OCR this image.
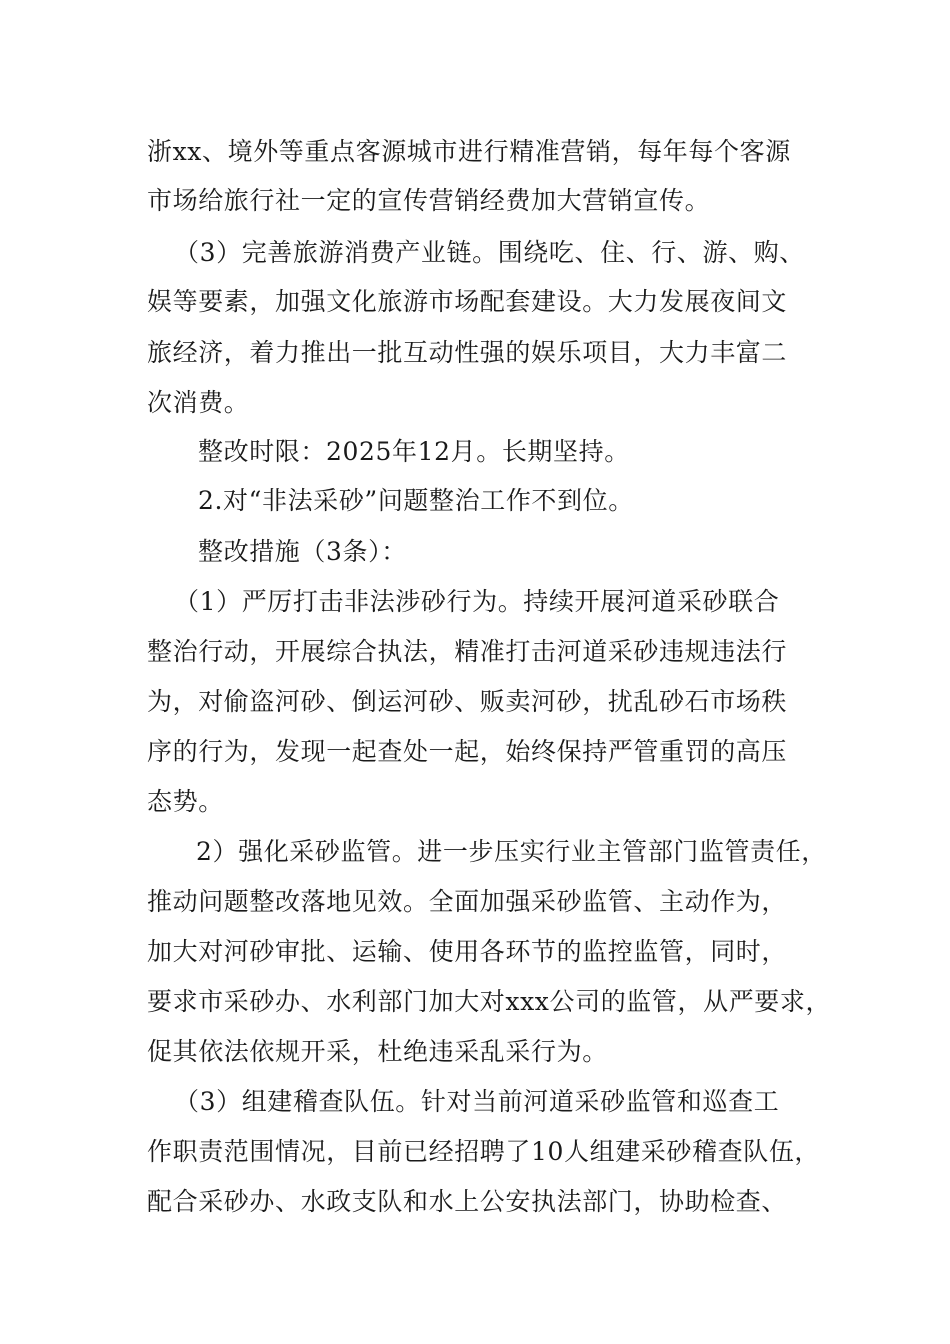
浙xx、境外等重点客源城市进行精准营销，每年每个客源
市场给旅行社一定的宣传营销经费加大营销宣传。
（3）完善旅游消费产业链。围绕吃、住、行、游、购、
娱等要素，加强文化旅游市场配套建设。大力发展夜间文
旅经济，着力推出一批互动性强的娱乐项目，大力丰富二
次消费。
整改时限：2025年12月。长期坚持。
2.对“非法采砂”问题整治工作不到位。
整改措施（3条）：
（1）严厉打击非法涉砂行为。持续开展河道采砂联合
整治行动，开展综合执法，精准打击河道采砂违规违法行
为，对偷盗河砂、倒运河砂、贩卖河砂，扰乱砂石市场秩
序的行为，发现一起查处一起，始终保持严管重罚的高压
态势。
2）强化采砂监管。进一步压实行业主管部门监管责任，
推动问题整改落地见效。全面加强采砂监管、主动作为，
加大对河砂审批、运输、使用各环节的监控监管，同时，
要求市采砂办、水利部门加大对xxx公司的监管，从严要求，
促其依法依规开采，杜绝违采乱采行为。
（3）组建稽查队伍。针对当前河道采砂监管和巡查工
作职责范围情况，目前已经招聘了10人组建采砂稽查队伍，
配合采砂办、水政支队和水上公安执法部门，协助检查、
